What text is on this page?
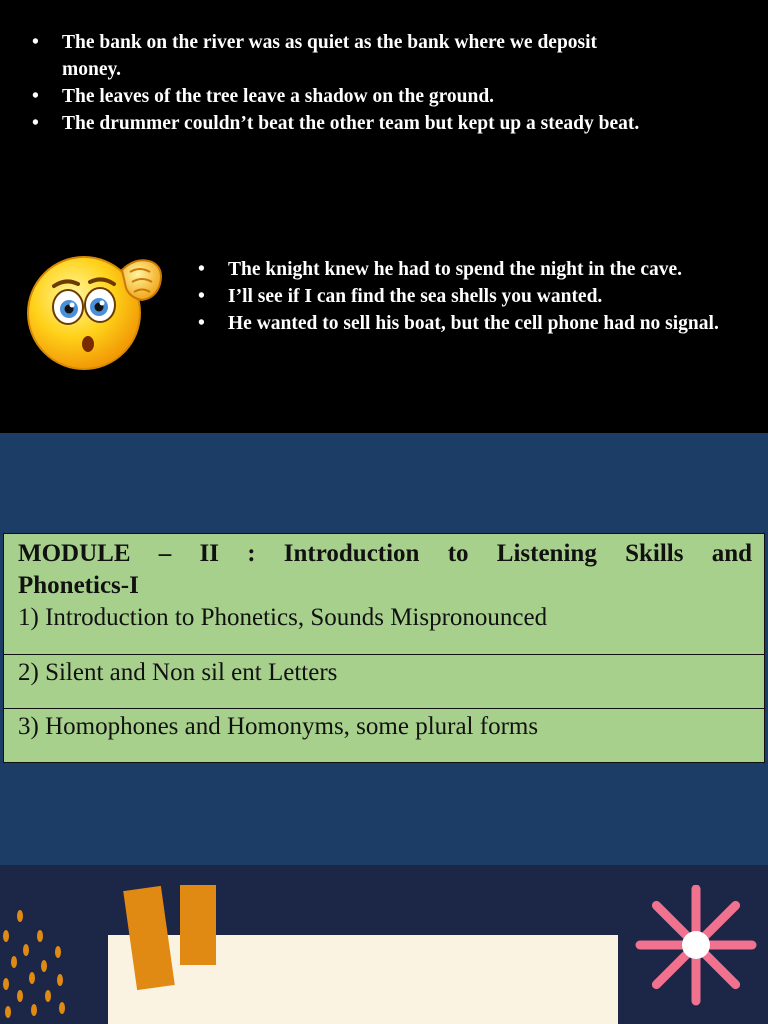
• The bank on the river was as quiet as the bank where we deposit money.
• The leaves of the tree leave a shadow on the ground.
• The drummer couldn’t beat the other team but kept up a steady beat.
• The knight knew he had to spend the night in the cave.
• I’ll see if I can find the sea shells you wanted.
• He wanted to sell his boat, but the cell phone had no signal.
MODULE – II : Introduction to Listening Skills and
Phonetics-I
1) Introduction to Phonetics, Sounds Mispronounced

2) Silent and Non sil ent Letters
3) Homophones and Homonyms, some plural forms
